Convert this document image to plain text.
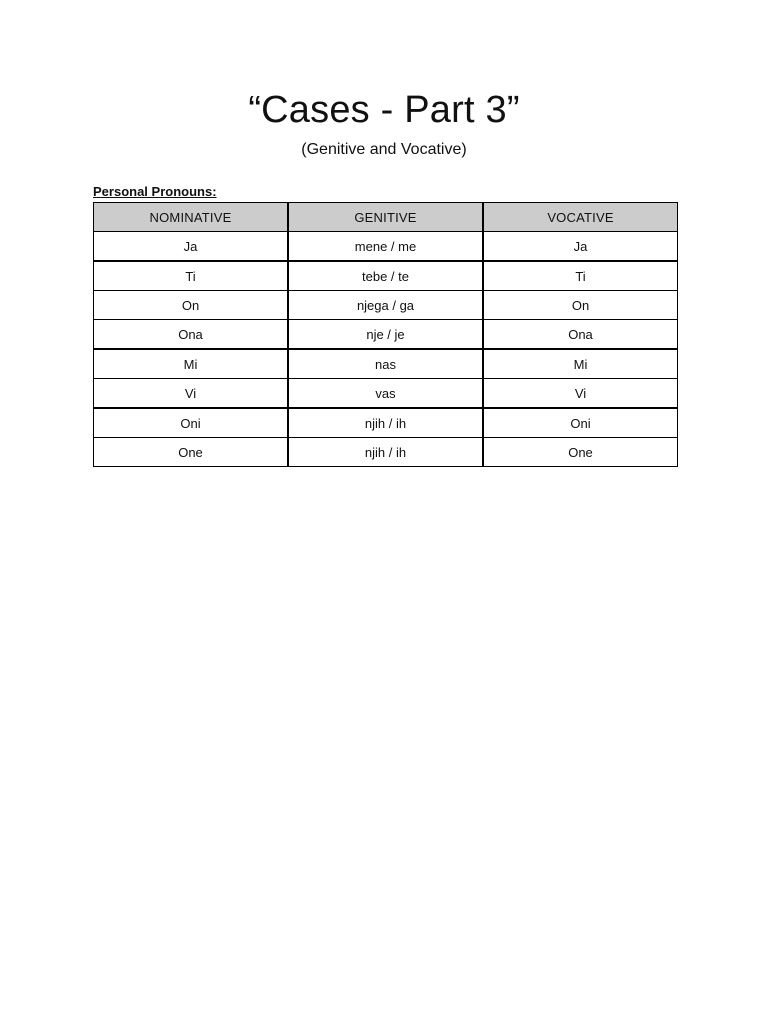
“Cases - Part 3”

(Genitive and Vocative)

Personal Pronouns:

NOMINATIVE	GENITIVE	VOCATIVE
Ja	mene / me	Ja
Ti	tebe / te	Ti
On	njega / ga	On
Ona	nje / je	Ona
Mi	nas	Mi
Vi	vas	Vi
Oni	njih / ih	Oni
One	njih / ih	One
